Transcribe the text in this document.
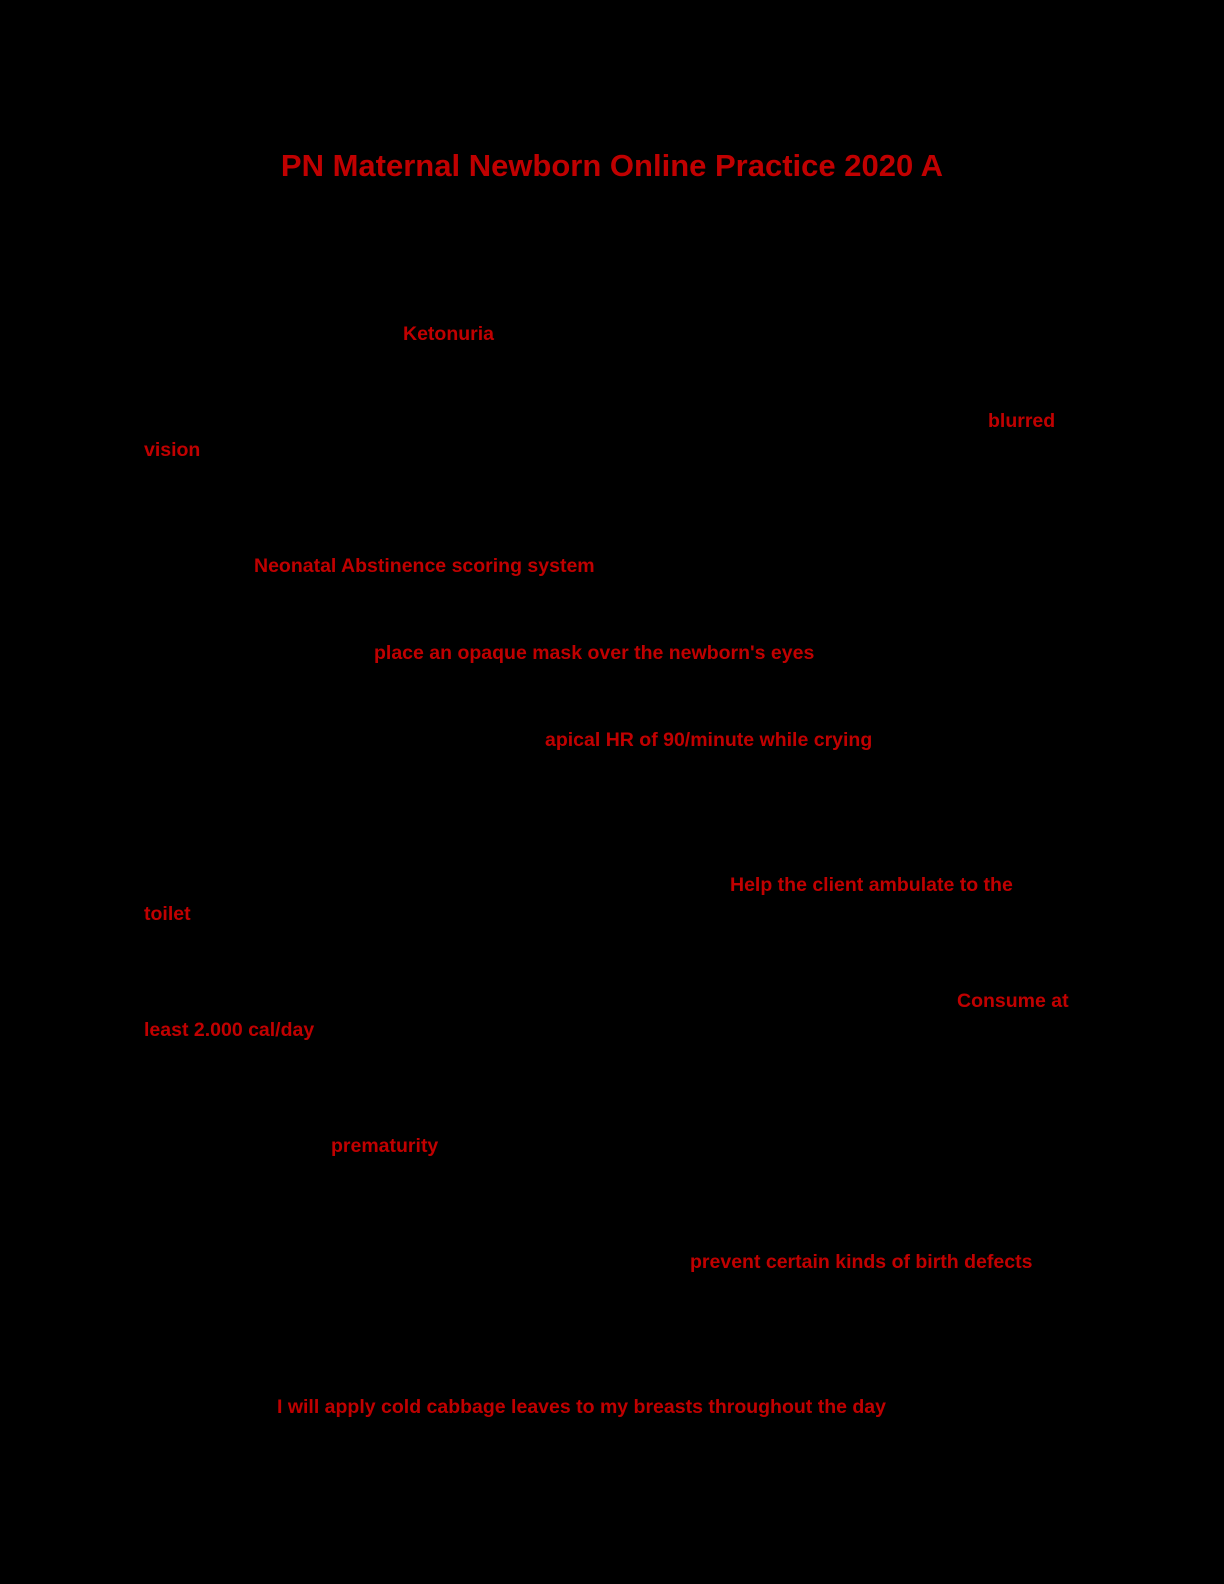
PN Maternal Newborn Online Practice 2020 A
Ketonuria
blurred
vision
Neonatal Abstinence scoring system
place an opaque mask over the newborn's eyes
apical HR of 90/minute while crying
Help the client ambulate to the
toilet
Consume at
least 2.000 cal/day
prematurity
prevent certain kinds of birth defects
I will apply cold cabbage leaves to my breasts throughout the day
